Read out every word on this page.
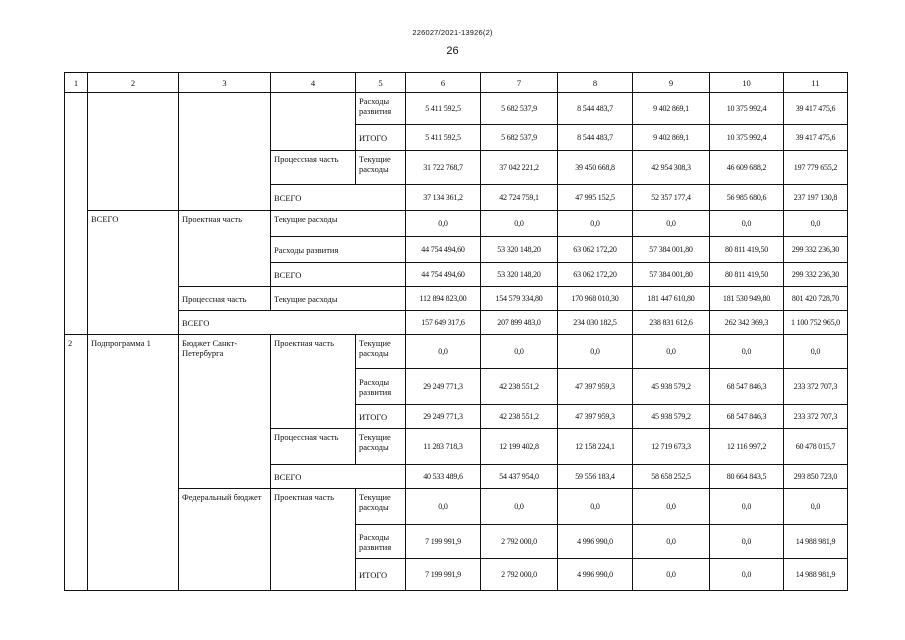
226027/2021-13926(2)
26
1	2	3	4	5	6	7	8	9	10	11
				Расходы развития	5 411 592,5	5 682 537,9	8 544 483,7	9 402 869,1	10 375 992,4	39 417 475,6
				ИТОГО	5 411 592,5	5 682 537,9	8 544 483,7	9 402 869,1	10 375 992,4	39 417 475,6
			Процессная часть	Текущие расходы	31 722 768,7	37 042 221,2	39 450 668,8	42 954 308,3	46 609 688,2	197 779 655,2
			ВСЕГО		37 134 361,2	42 724 759,1	47 995 152,5	52 357 177,4	56 985 680,6	237 197 130,8
	ВСЕГО	Проектная часть	Текущие расходы		0,0	0,0	0,0	0,0	0,0	0,0
			Расходы развития		44 754 494,60	53 320 148,20	63 062 172,20	57 384 001,80	80 811 419,50	299 332 236,30
			ВСЕГО		44 754 494,60	53 320 148,20	63 062 172,20	57 384 001,80	80 811 419,50	299 332 236,30
		Процессная часть	Текущие расходы		112 894 823,00	154 579 334,80	170 968 010,30	181 447 610,80	181 530 949,80	801 420 728,70
		ВСЕГО			157 649 317,6	207 899 483,0	234 030 182,5	238 831 612,6	262 342 369,3	1 100 752 965,0
2	Подпрограмма 1	Бюджет Санкт-Петербурга	Проектная часть	Текущие расходы	0,0	0,0	0,0	0,0	0,0	0,0
				Расходы развития	29 249 771,3	42 238 551,2	47 397 959,3	45 938 579,2	68 547 846,3	233 372 707,3
				ИТОГО	29 249 771,3	42 238 551,2	47 397 959,3	45 938 579,2	68 547 846,3	233 372 707,3
			Процессная часть	Текущие расходы	11 283 718,3	12 199 402,8	12 158 224,1	12 719 673,3	12 116 997,2	60 478 015,7
			ВСЕГО		40 533 489,6	54 437 954,0	59 556 183,4	58 658 252,5	80 664 843,5	293 850 723,0
		Федеральный бюджет	Проектная часть	Текущие расходы	0,0	0,0	0,0	0,0	0,0	0,0
				Расходы развития	7 199 991,9	2 792 000,0	4 996 990,0	0,0	0,0	14 988 981,9
				ИТОГО	7 199 991,9	2 792 000,0	4 996 990,0	0,0	0,0	14 988 981,9
